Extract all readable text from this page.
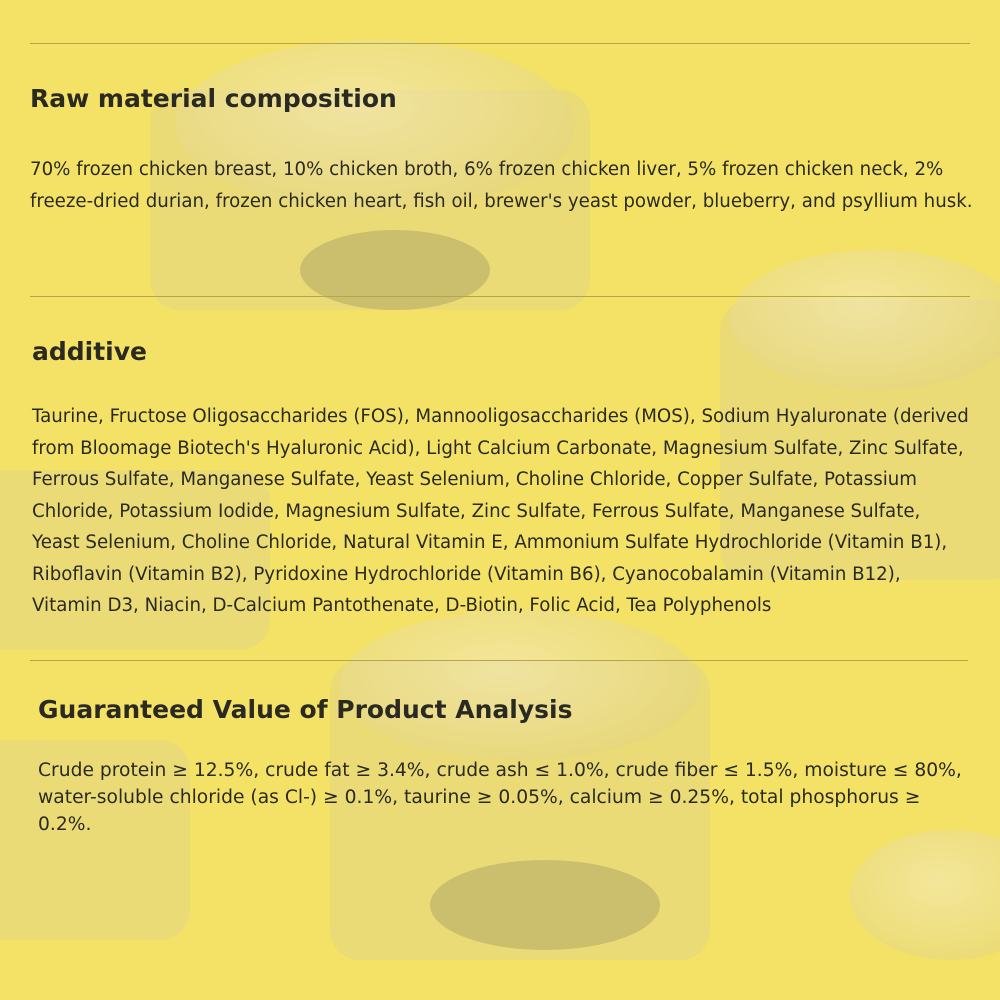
Raw material composition

70% frozen chicken breast, 10% chicken broth, 6% frozen chicken liver, 5% frozen chicken neck, 2% freeze-dried durian, frozen chicken heart, fish oil, brewer's yeast powder, blueberry, and psyllium husk.

additive

Taurine, Fructose Oligosaccharides (FOS), Mannooligosaccharides (MOS), Sodium Hyaluronate (derived from Bloomage Biotech's Hyaluronic Acid), Light Calcium Carbonate, Magnesium Sulfate, Zinc Sulfate, Ferrous Sulfate, Manganese Sulfate, Yeast Selenium, Choline Chloride, Copper Sulfate, Potassium Chloride, Potassium Iodide, Magnesium Sulfate, Zinc Sulfate, Ferrous Sulfate, Manganese Sulfate, Yeast Selenium, Choline Chloride, Natural Vitamin E, Ammonium Sulfate Hydrochloride (Vitamin B1), Riboflavin (Vitamin B2), Pyridoxine Hydrochloride (Vitamin B6), Cyanocobalamin (Vitamin B12), Vitamin D3, Niacin, D-Calcium Pantothenate, D-Biotin, Folic Acid, Tea Polyphenols

Guaranteed Value of Product Analysis

Crude protein ≥ 12.5%, crude fat ≥ 3.4%, crude ash ≤ 1.0%, crude fiber ≤ 1.5%, moisture ≤ 80%, water-soluble chloride (as Cl-) ≥ 0.1%, taurine ≥ 0.05%, calcium ≥ 0.25%, total phosphorus ≥ 0.2%.
